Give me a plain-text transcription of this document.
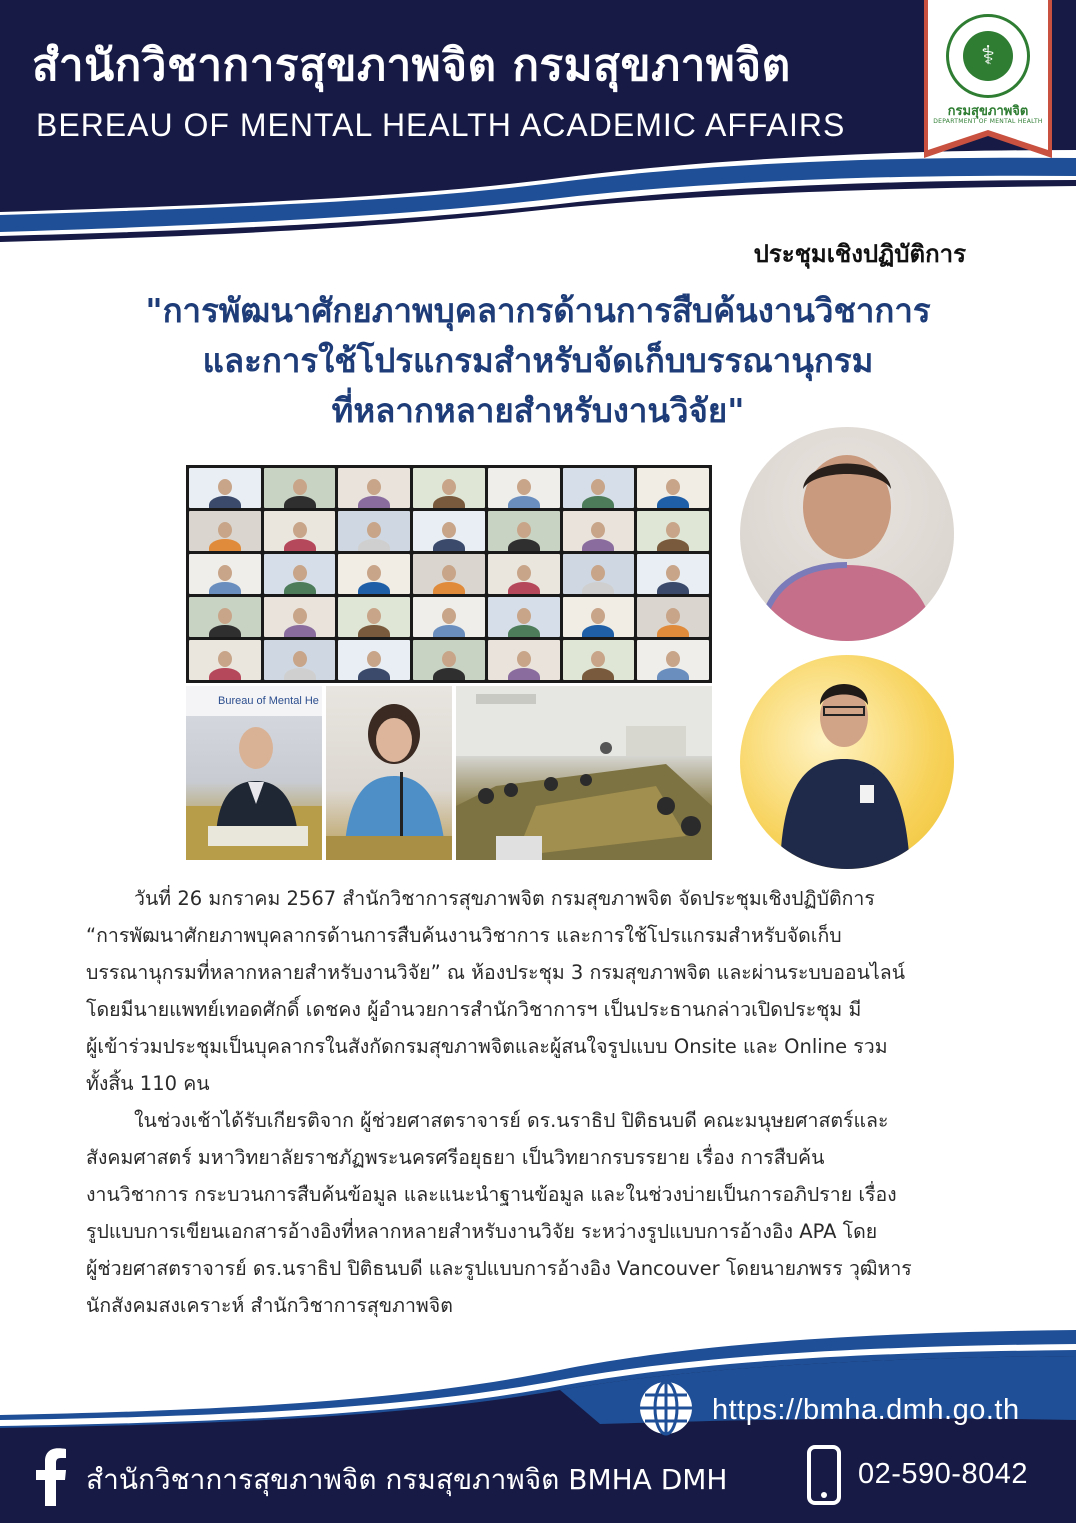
สำนักวิชาการสุขภาพจิต กรมสุขภาพจิต
BEREAU OF MENTAL HEALTH ACADEMIC AFFAIRS
⚕
กรมสุขภาพจิต
DEPARTMENT OF MENTAL HEALTH
ประชุมเชิงปฏิบัติการ
"การพัฒนาศักยภาพบุคลากรด้านการสืบค้นงานวิชาการ
และการใช้โปรแกรมสำหรับจัดเก็บบรรณานุกรม
ที่หลากหลายสำหรับงานวิจัย"
Bureau of Mental He

วันที่ 26 มกราคม 2567 สำนักวิชาการสุขภาพจิต กรมสุขภาพจิต จัดประชุมเชิงปฏิบัติการ
“การพัฒนาศักยภาพบุคลากรด้านการสืบค้นงานวิชาการ และการใช้โปรแกรมสำหรับจัดเก็บ
บรรณานุกรมที่หลากหลายสำหรับงานวิจัย” ณ ห้องประชุม 3 กรมสุขภาพจิต และผ่านระบบออนไลน์
โดยมีนายแพทย์เทอดศักดิ์ เดชคง ผู้อำนวยการสำนักวิชาการฯ เป็นประธานกล่าวเปิดประชุม มี
ผู้เข้าร่วมประชุมเป็นบุคลากรในสังกัดกรมสุขภาพจิตและผู้สนใจรูปแบบ Onsite และ Online รวม
ทั้งสิ้น 110 คน

ในช่วงเช้าได้รับเกียรติจาก ผู้ช่วยศาสตราจารย์ ดร.นราธิป ปิติธนบดี คณะมนุษยศาสตร์และ
สังคมศาสตร์ มหาวิทยาลัยราชภัฏพระนครศรีอยุธยา เป็นวิทยากรบรรยาย เรื่อง การสืบค้น
งานวิชาการ กระบวนการสืบค้นข้อมูล และแนะนำฐานข้อมูล และในช่วงบ่ายเป็นการอภิปราย เรื่อง
รูปแบบการเขียนเอกสารอ้างอิงที่หลากหลายสำหรับงานวิจัย ระหว่างรูปแบบการอ้างอิง APA โดย
ผู้ช่วยศาสตราจารย์ ดร.นราธิป ปิติธนบดี และรูปแบบการอ้างอิง Vancouver โดยนายภพรร วุฒิหาร
นักสังคมสงเคราะห์ สำนักวิชาการสุขภาพจิต

https://bmha.dmh.go.th
สำนักวิชาการสุขภาพจิต กรมสุขภาพจิต BMHA DMH	02-590-8042
